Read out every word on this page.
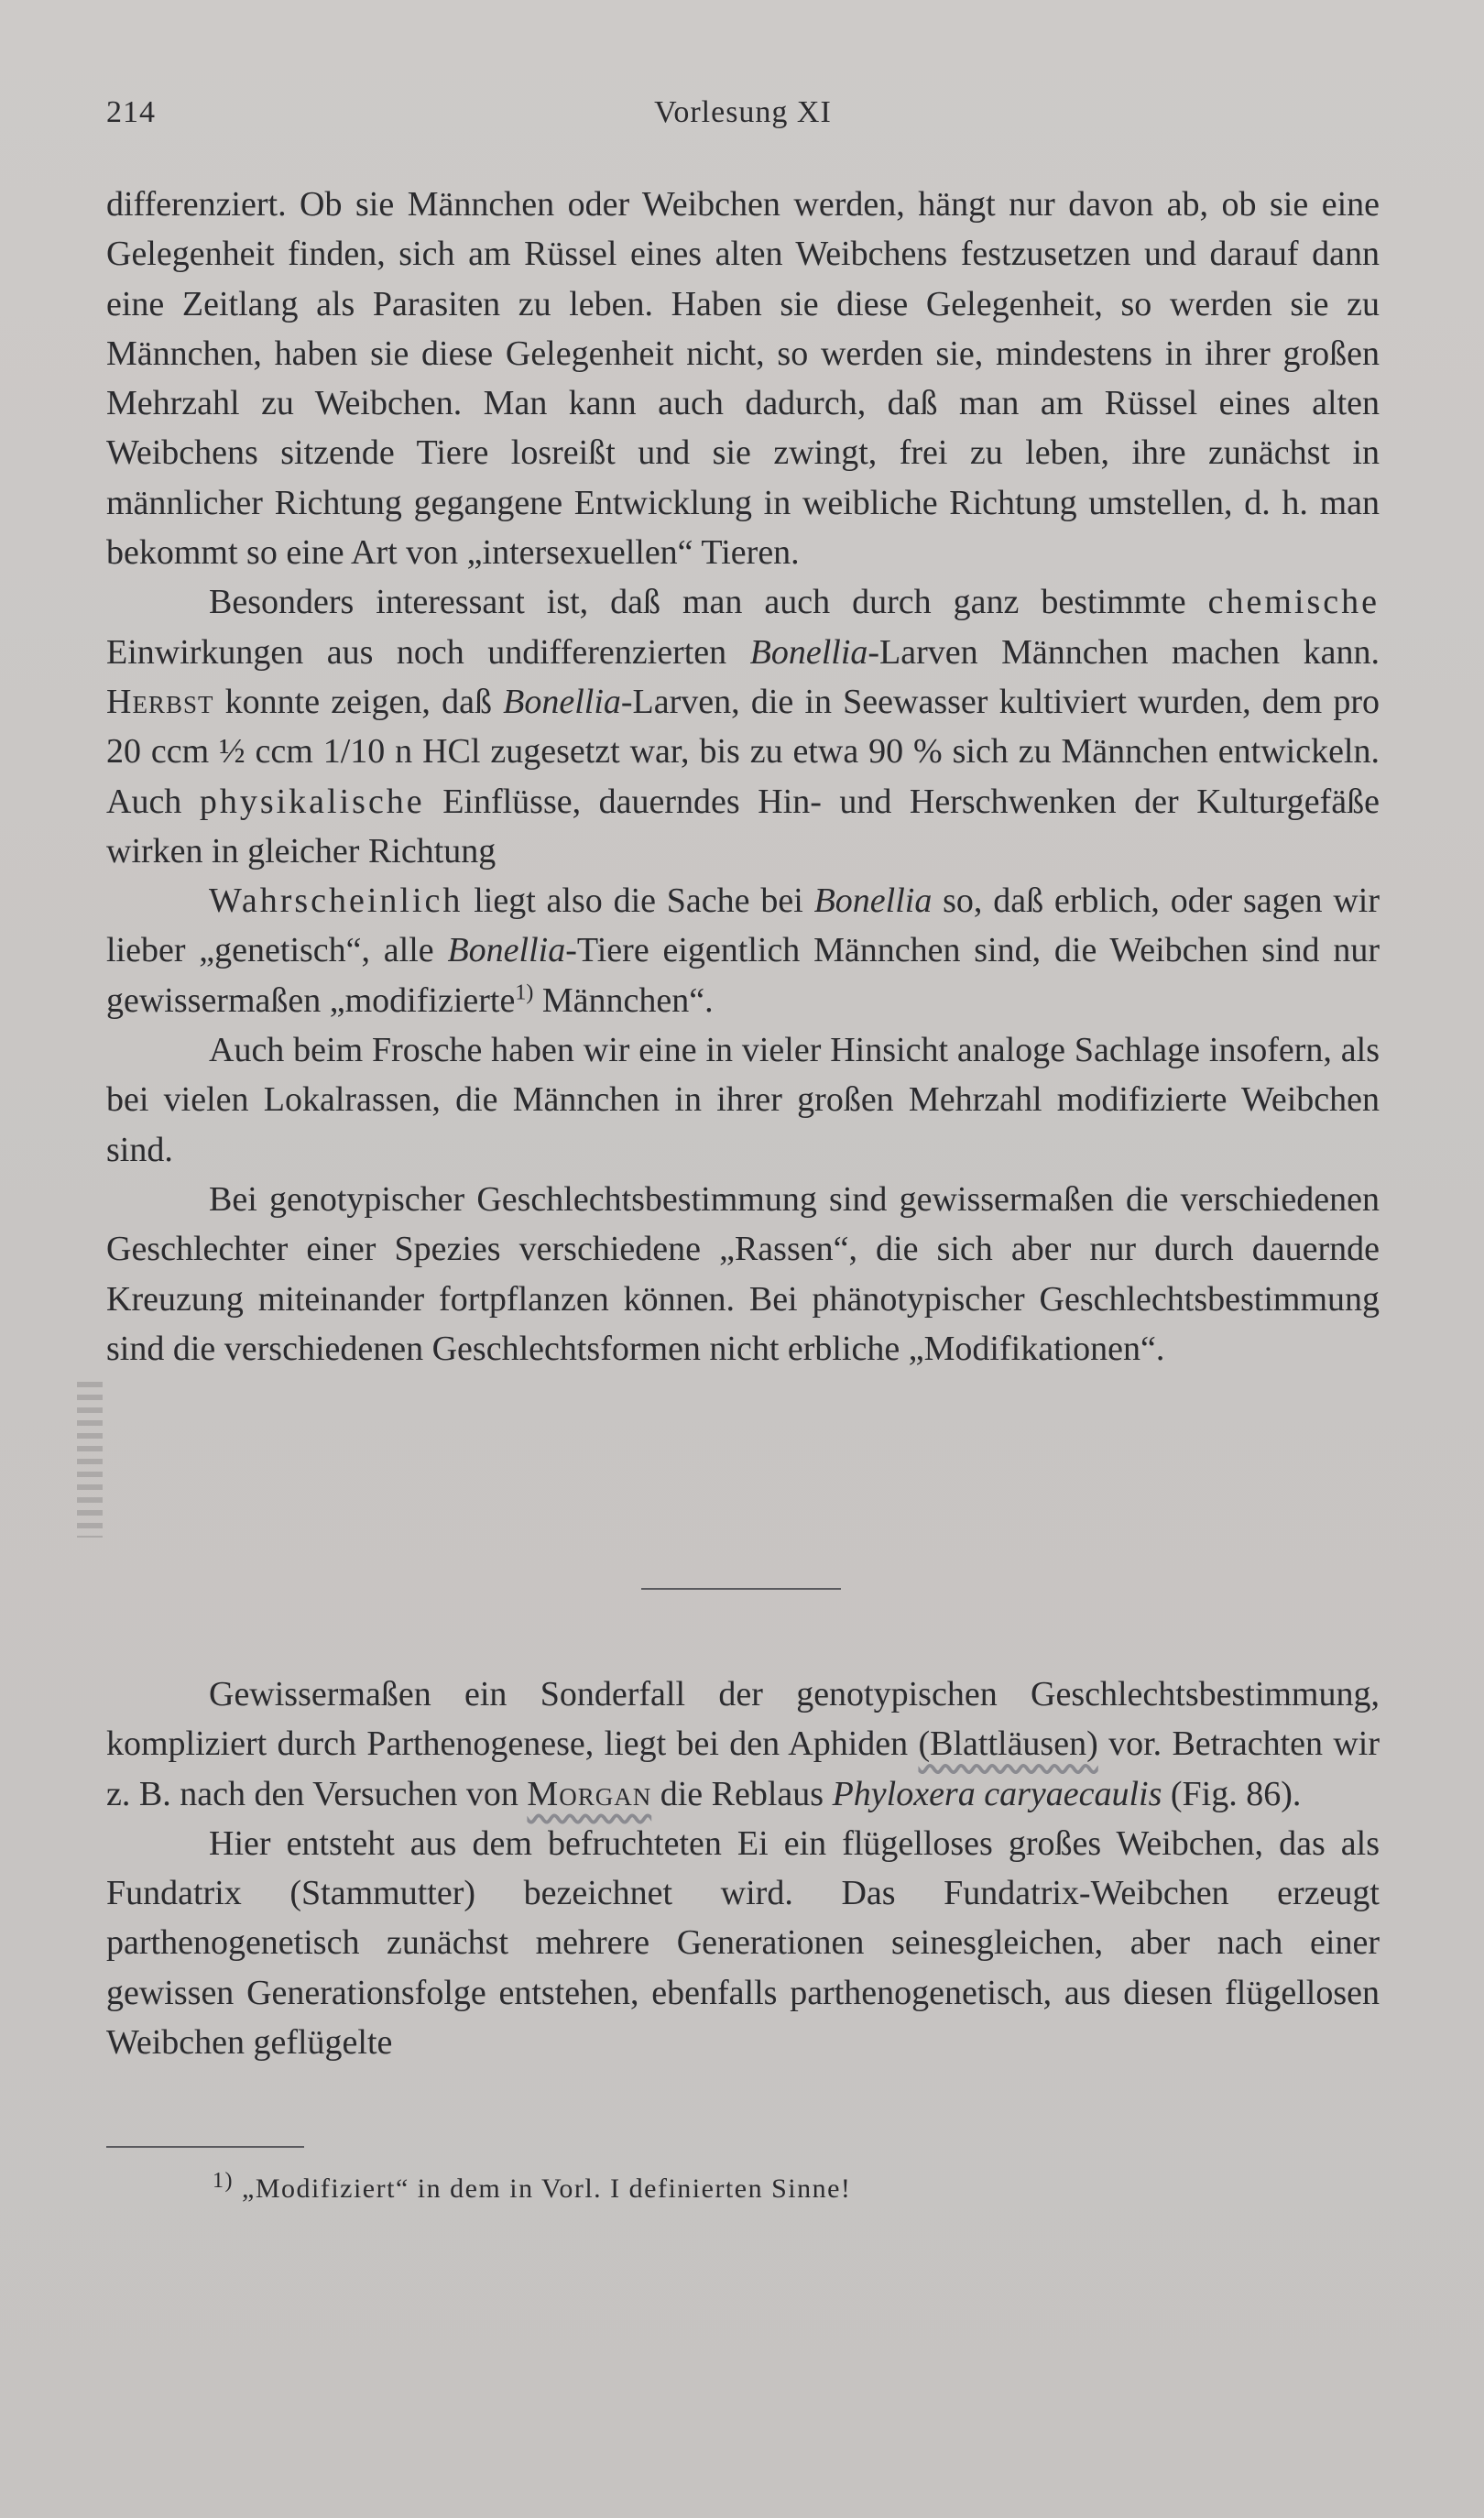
214	Vorlesung XI

differenziert. Ob sie Männchen oder Weibchen werden, hängt nur davon ab, ob sie eine Gelegenheit finden, sich am Rüssel eines alten Weibchens festzusetzen und darauf dann eine Zeitlang als Parasiten zu leben. Haben sie diese Gelegenheit, so werden sie zu Männchen, haben sie diese Gelegenheit nicht, so werden sie, mindestens in ihrer großen Mehrzahl zu Weibchen. Man kann auch dadurch, daß man am Rüssel eines alten Weibchens sitzende Tiere losreißt und sie zwingt, frei zu leben, ihre zunächst in männlicher Richtung gegangene Entwicklung in weibliche Richtung umstellen, d. h. man bekommt so eine Art von „intersexuellen“ Tieren.

Besonders interessant ist, daß man auch durch ganz bestimmte chemische Einwirkungen aus noch undifferenzierten Bonellia-Larven Männchen machen kann. Herbst konnte zeigen, daß Bonellia-Larven, die in Seewasser kultiviert wurden, dem pro 20 ccm ½ ccm 1/10 n HCl zugesetzt war, bis zu etwa 90 % sich zu Männchen entwickeln. Auch physikalische Einflüsse, dauerndes Hin- und Herschwenken der Kulturgefäße wirken in gleicher Richtung

Wahrscheinlich liegt also die Sache bei Bonellia so, daß erblich, oder sagen wir lieber „genetisch“, alle Bonellia-Tiere eigentlich Männchen sind, die Weibchen sind nur gewissermaßen „modifizierte$^{1)}$ Männchen“.

Auch beim Frosche haben wir eine in vieler Hinsicht analoge Sachlage insofern, als bei vielen Lokalrassen, die Männchen in ihrer großen Mehrzahl modifizierte Weibchen sind.

Bei genotypischer Geschlechtsbestimmung sind gewissermaßen die verschiedenen Geschlechter einer Spezies verschiedene „Rassen“, die sich aber nur durch dauernde Kreuzung miteinander fortpflanzen können. Bei phänotypischer Geschlechtsbestimmung sind die verschiedenen Geschlechtsformen nicht erbliche „Modifikationen“.

Gewissermaßen ein Sonderfall der genotypischen Geschlechtsbestimmung, kompliziert durch Parthenogenese, liegt bei den Aphiden (Blattläusen) vor. Betrachten wir z. B. nach den Versuchen von Morgan die Reblaus Phyloxera caryaecaulis (Fig. 86).

Hier entsteht aus dem befruchteten Ei ein flügelloses großes Weibchen, das als Fundatrix (Stammutter) bezeichnet wird. Das Fundatrix-Weibchen erzeugt parthenogenetisch zunächst mehrere Generationen seinesgleichen, aber nach einer gewissen Generationsfolge entstehen, ebenfalls parthenogenetisch, aus diesen flügellosen Weibchen geflügelte

$^{1)}$ „Modifiziert“ in dem in Vorl. I definierten Sinne!
